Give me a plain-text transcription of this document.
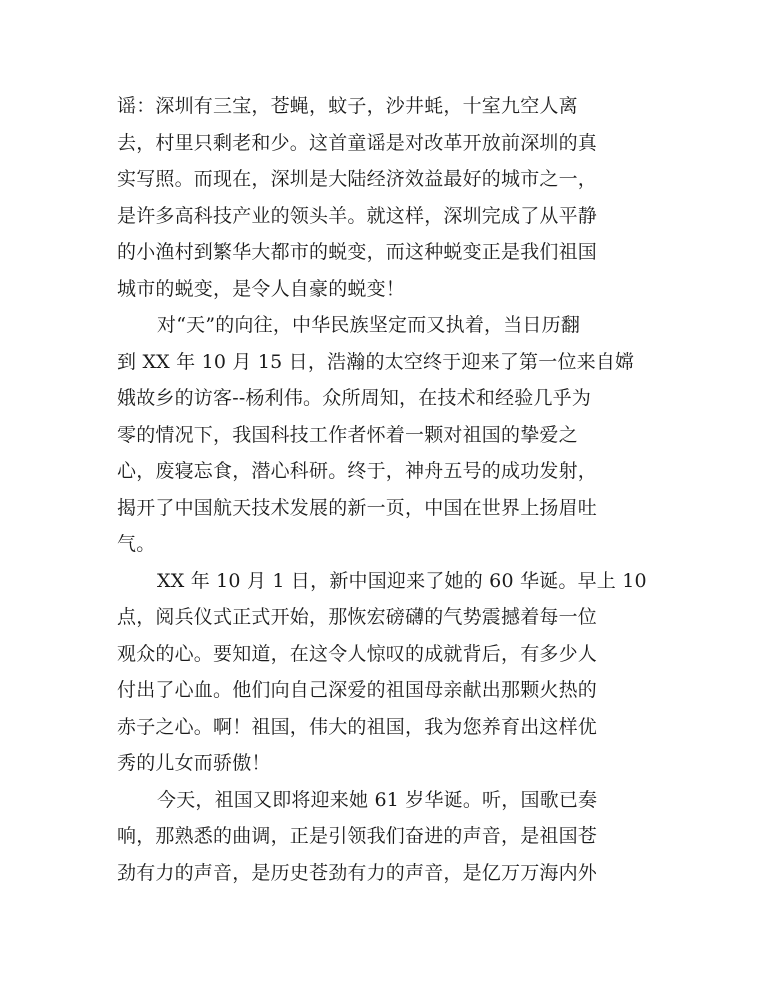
谣：深圳有三宝，苍蝇，蚊子，沙井蚝，十室九空人离
去，村里只剩老和少。这首童谣是对改革开放前深圳的真
实写照。而现在，深圳是大陆经济效益最好的城市之一，
是许多高科技产业的领头羊。就这样，深圳完成了从平静
的小渔村到繁华大都市的蜕变，而这种蜕变正是我们祖国
城市的蜕变，是令人自豪的蜕变！
对“天”的向往，中华民族坚定而又执着，当日历翻
到 XX 年 10 月 15 日，浩瀚的太空终于迎来了第一位来自嫦
娥故乡的访客--杨利伟。众所周知，在技术和经验几乎为
零的情况下，我国科技工作者怀着一颗对祖国的挚爱之
心，废寝忘食，潜心科研。终于，神舟五号的成功发射，
揭开了中国航天技术发展的新一页，中国在世界上扬眉吐
气。
XX 年 10 月 1 日，新中国迎来了她的 60 华诞。早上 10
点，阅兵仪式正式开始，那恢宏磅礴的气势震撼着每一位
观众的心。要知道，在这令人惊叹的成就背后，有多少人
付出了心血。他们向自己深爱的祖国母亲献出那颗火热的
赤子之心。啊！祖国，伟大的祖国，我为您养育出这样优
秀的儿女而骄傲！
今天，祖国又即将迎来她 61 岁华诞。听，国歌已奏
响，那熟悉的曲调，正是引领我们奋进的声音，是祖国苍
劲有力的声音，是历史苍劲有力的声音，是亿万万海内外
